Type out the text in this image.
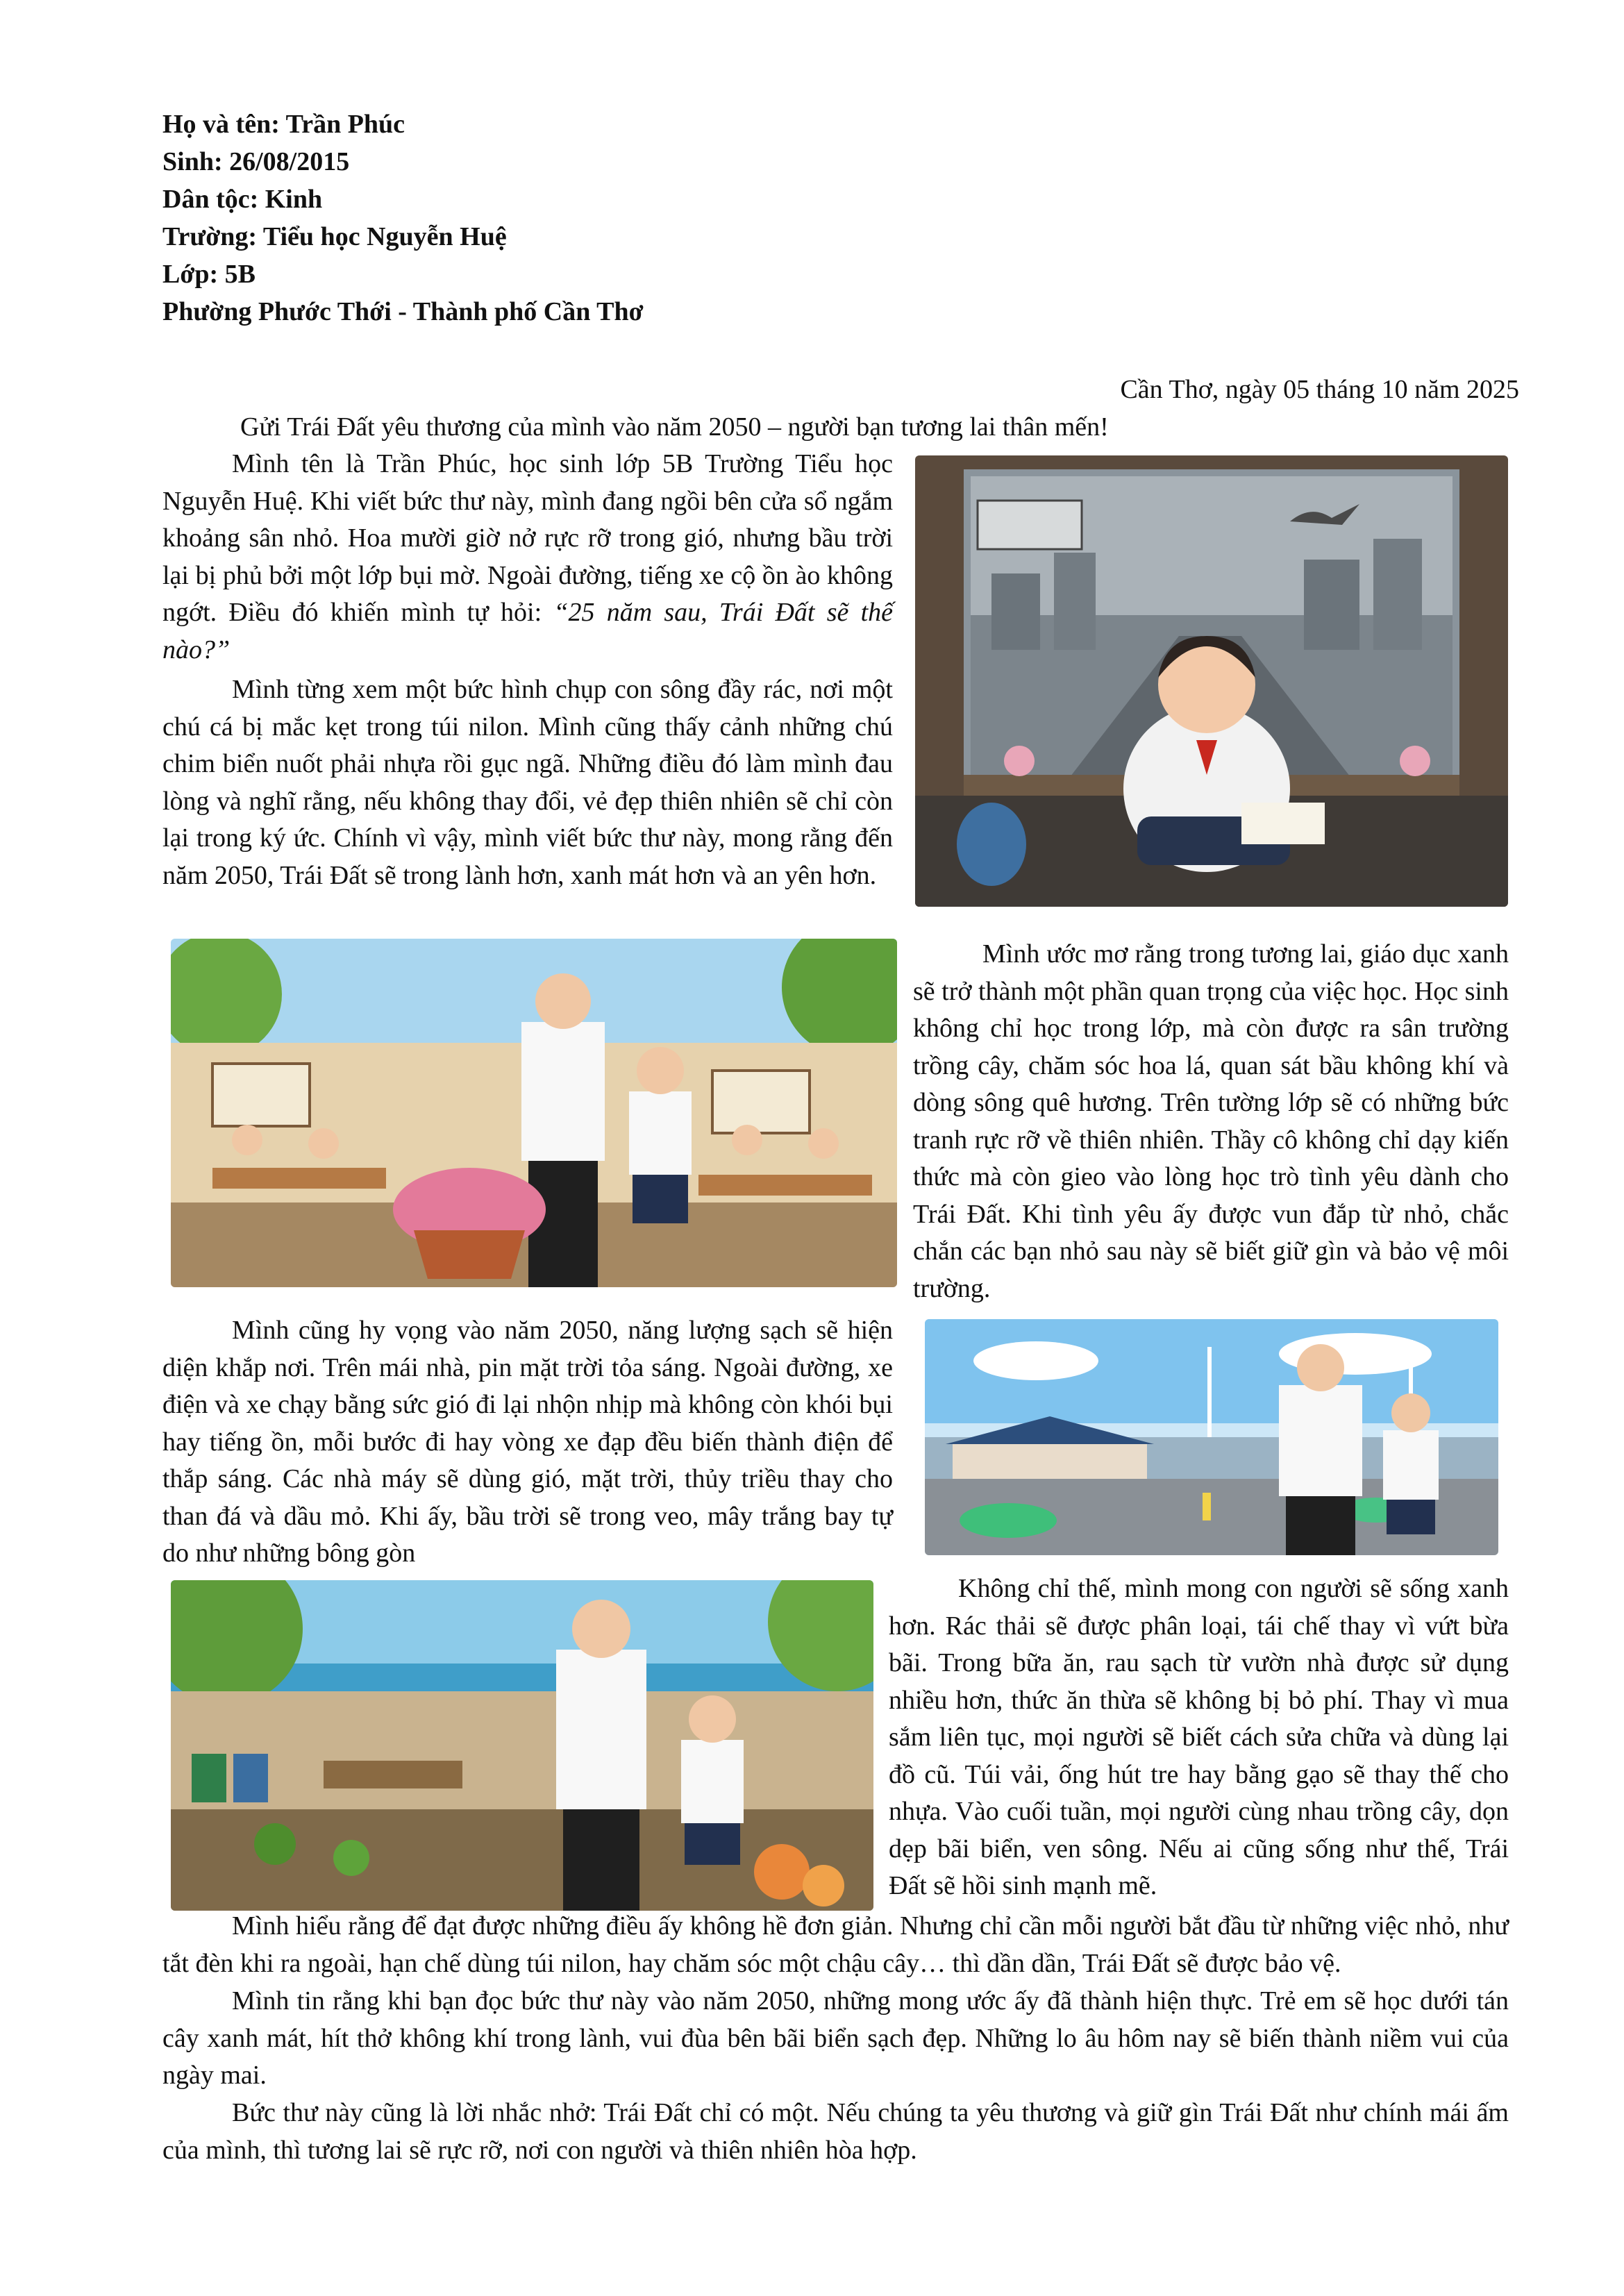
Họ và tên: Trần Phúc
Sinh: 26/08/2015
Dân tộc: Kinh
Trường: Tiểu học Nguyễn Huệ
Lớp: 5B
Phường Phước Thới - Thành phố Cần Thơ
Cần Thơ, ngày 05 tháng 10 năm 2025
Gửi Trái Đất yêu thương của mình vào năm 2050 – người bạn tương lai thân mến!

Mình tên là Trần Phúc, học sinh lớp 5B Trường Tiểu học Nguyễn Huệ. Khi viết bức thư này, mình đang ngồi bên cửa sổ ngắm khoảng sân nhỏ. Hoa mười giờ nở rực rỡ trong gió, nhưng bầu trời lại bị phủ bởi một lớp bụi mờ. Ngoài đường, tiếng xe cộ ồn ào không ngớt. Điều đó khiến mình tự hỏi: “25 năm sau, Trái Đất sẽ thế nào?”

Mình từng xem một bức hình chụp con sông đầy rác, nơi một chú cá bị mắc kẹt trong túi nilon. Mình cũng thấy cảnh những chú chim biển nuốt phải nhựa rồi gục ngã. Những điều đó làm mình đau lòng và nghĩ rằng, nếu không thay đổi, vẻ đẹp thiên nhiên sẽ chỉ còn lại trong ký ức. Chính vì vậy, mình viết bức thư này, mong rằng đến năm 2050, Trái Đất sẽ trong lành hơn, xanh mát hơn và an yên hơn.

Mình ước mơ rằng trong tương lai, giáo dục xanh sẽ trở thành một phần quan trọng của việc học. Học sinh không chỉ học trong lớp, mà còn được ra sân trường trồng cây, chăm sóc hoa lá, quan sát bầu không khí và dòng sông quê hương. Trên tường lớp sẽ có những bức tranh rực rỡ về thiên nhiên. Thầy cô không chỉ dạy kiến thức mà còn gieo vào lòng học trò tình yêu dành cho Trái Đất. Khi tình yêu ấy được vun đắp từ nhỏ, chắc chắn các bạn nhỏ sau này sẽ biết giữ gìn và bảo vệ môi trường.

Mình cũng hy vọng vào năm 2050, năng lượng sạch sẽ hiện diện khắp nơi. Trên mái nhà, pin mặt trời tỏa sáng. Ngoài đường, xe điện và xe chạy bằng sức gió đi lại nhộn nhịp mà không còn khói bụi hay tiếng ồn, mỗi bước đi hay vòng xe đạp đều biến thành điện để thắp sáng. Các nhà máy sẽ dùng gió, mặt trời, thủy triều thay cho than đá và dầu mỏ. Khi ấy, bầu trời sẽ trong veo, mây trắng bay tự do như những bông gòn

Không chỉ thế, mình mong con người sẽ sống xanh hơn. Rác thải sẽ được phân loại, tái chế thay vì vứt bừa bãi. Trong bữa ăn, rau sạch từ vườn nhà được sử dụng nhiều hơn, thức ăn thừa sẽ không bị bỏ phí. Thay vì mua sắm liên tục, mọi người sẽ biết cách sửa chữa và dùng lại đồ cũ. Túi vải, ống hút tre hay bằng gạo sẽ thay thế cho nhựa. Vào cuối tuần, mọi người cùng nhau trồng cây, dọn dẹp bãi biển, ven sông. Nếu ai cũng sống như thế, Trái Đất sẽ hồi sinh mạnh mẽ.

Mình hiểu rằng để đạt được những điều ấy không hề đơn giản. Nhưng chỉ cần mỗi người bắt đầu từ những việc nhỏ, như tắt đèn khi ra ngoài, hạn chế dùng túi nilon, hay chăm sóc một chậu cây… thì dần dần, Trái Đất sẽ được bảo vệ.

Mình tin rằng khi bạn đọc bức thư này vào năm 2050, những mong ước ấy đã thành hiện thực. Trẻ em sẽ học dưới tán cây xanh mát, hít thở không khí trong lành, vui đùa bên bãi biển sạch đẹp. Những lo âu hôm nay sẽ biến thành niềm vui của ngày mai.

Bức thư này cũng là lời nhắc nhở: Trái Đất chỉ có một. Nếu chúng ta yêu thương và giữ gìn Trái Đất như chính mái ấm của mình, thì tương lai sẽ rực rỡ, nơi con người và thiên nhiên hòa hợp.
